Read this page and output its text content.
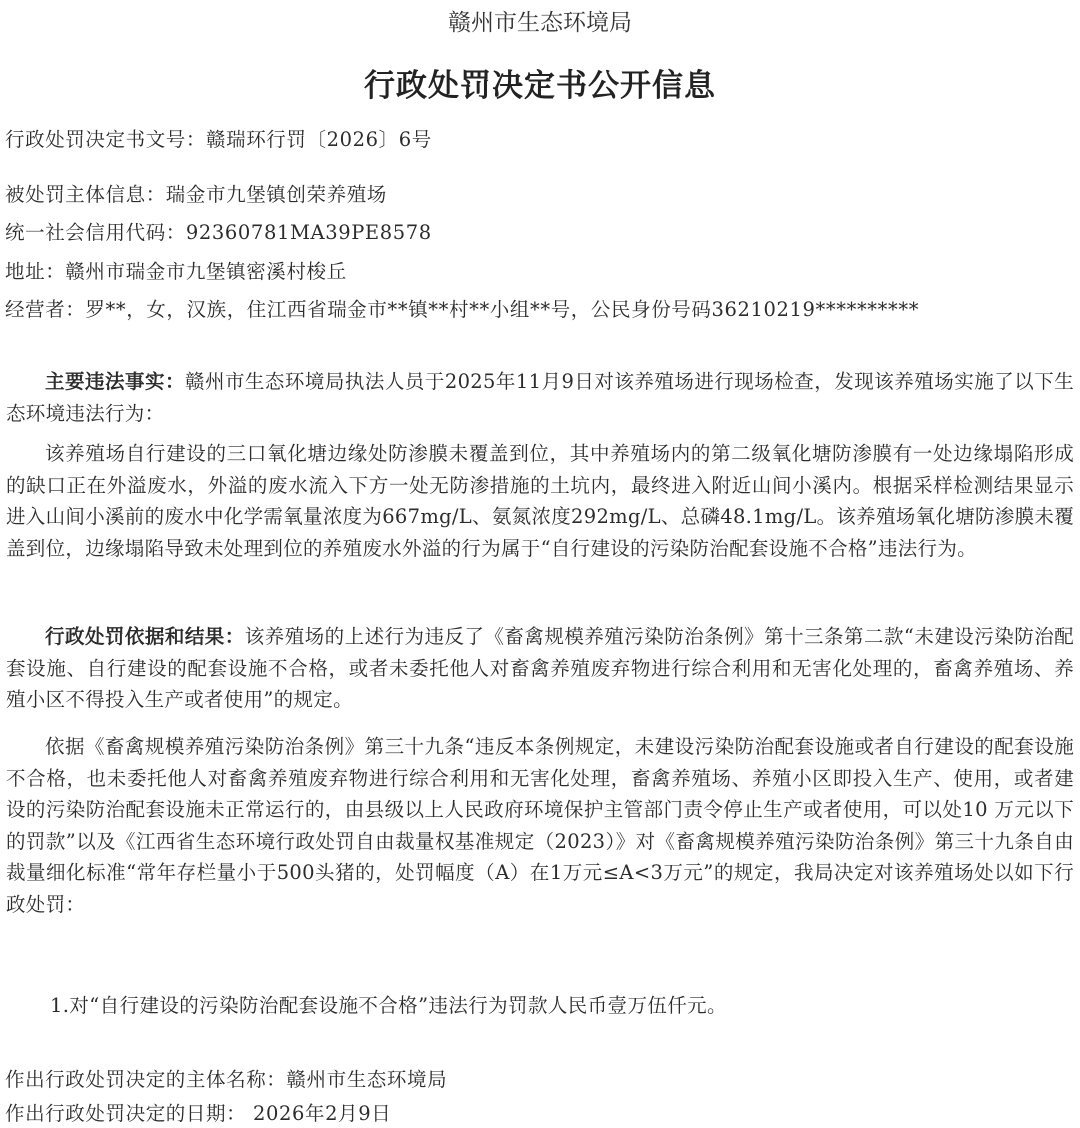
赣州市生态环境局
行政处罚决定书公开信息
行政处罚决定书文号：赣瑞环行罚〔2026〕6号
被处罚主体信息：瑞金市九堡镇创荣养殖场
统一社会信用代码：92360781MA39PE8578
地址：赣州市瑞金市九堡镇密溪村梭丘
经营者：罗**，女，汉族，住江西省瑞金市**镇**村**小组**号，公民身份号码36210219**********
主要违法事实：赣州市生态环境局执法人员于2025年11月9日对该养殖场进行现场检查，发现该养殖场实施了以下生态环境违法行为：
该养殖场自行建设的三口氧化塘边缘处防渗膜未覆盖到位，其中养殖场内的第二级氧化塘防渗膜有一处边缘塌陷形成的缺口正在外溢废水，外溢的废水流入下方一处无防渗措施的土坑内，最终进入附近山间小溪内。根据采样检测结果显示进入山间小溪前的废水中化学需氧量浓度为667mg/L、氨氮浓度292mg/L、总磷48.1mg/L。该养殖场氧化塘防渗膜未覆盖到位，边缘塌陷导致未处理到位的养殖废水外溢的行为属于“自行建设的污染防治配套设施不合格”违法行为。
行政处罚依据和结果：该养殖场的上述行为违反了《畜禽规模养殖污染防治条例》第十三条第二款“未建设污染防治配套设施、自行建设的配套设施不合格，或者未委托他人对畜禽养殖废弃物进行综合利用和无害化处理的，畜禽养殖场、养殖小区不得投入生产或者使用”的规定。
依据《畜禽规模养殖污染防治条例》第三十九条“违反本条例规定，未建设污染防治配套设施或者自行建设的配套设施不合格，也未委托他人对畜禽养殖废弃物进行综合利用和无害化处理，畜禽养殖场、养殖小区即投入生产、使用，或者建设的污染防治配套设施未正常运行的，由县级以上人民政府环境保护主管部门责令停止生产或者使用，可以处10 万元以下的罚款”以及《江西省生态环境行政处罚自由裁量权基准规定（2023）》对《畜禽规模养殖污染防治条例》第三十九条自由裁量细化标准“常年存栏量小于500头猪的，处罚幅度（A）在1万元≤A<3万元”的规定，我局决定对该养殖场处以如下行政处罚：
1.对“自行建设的污染防治配套设施不合格”违法行为罚款人民币壹万伍仟元。
作出行政处罚决定的主体名称：赣州市生态环境局
作出行政处罚决定的日期： 2026年2月9日
